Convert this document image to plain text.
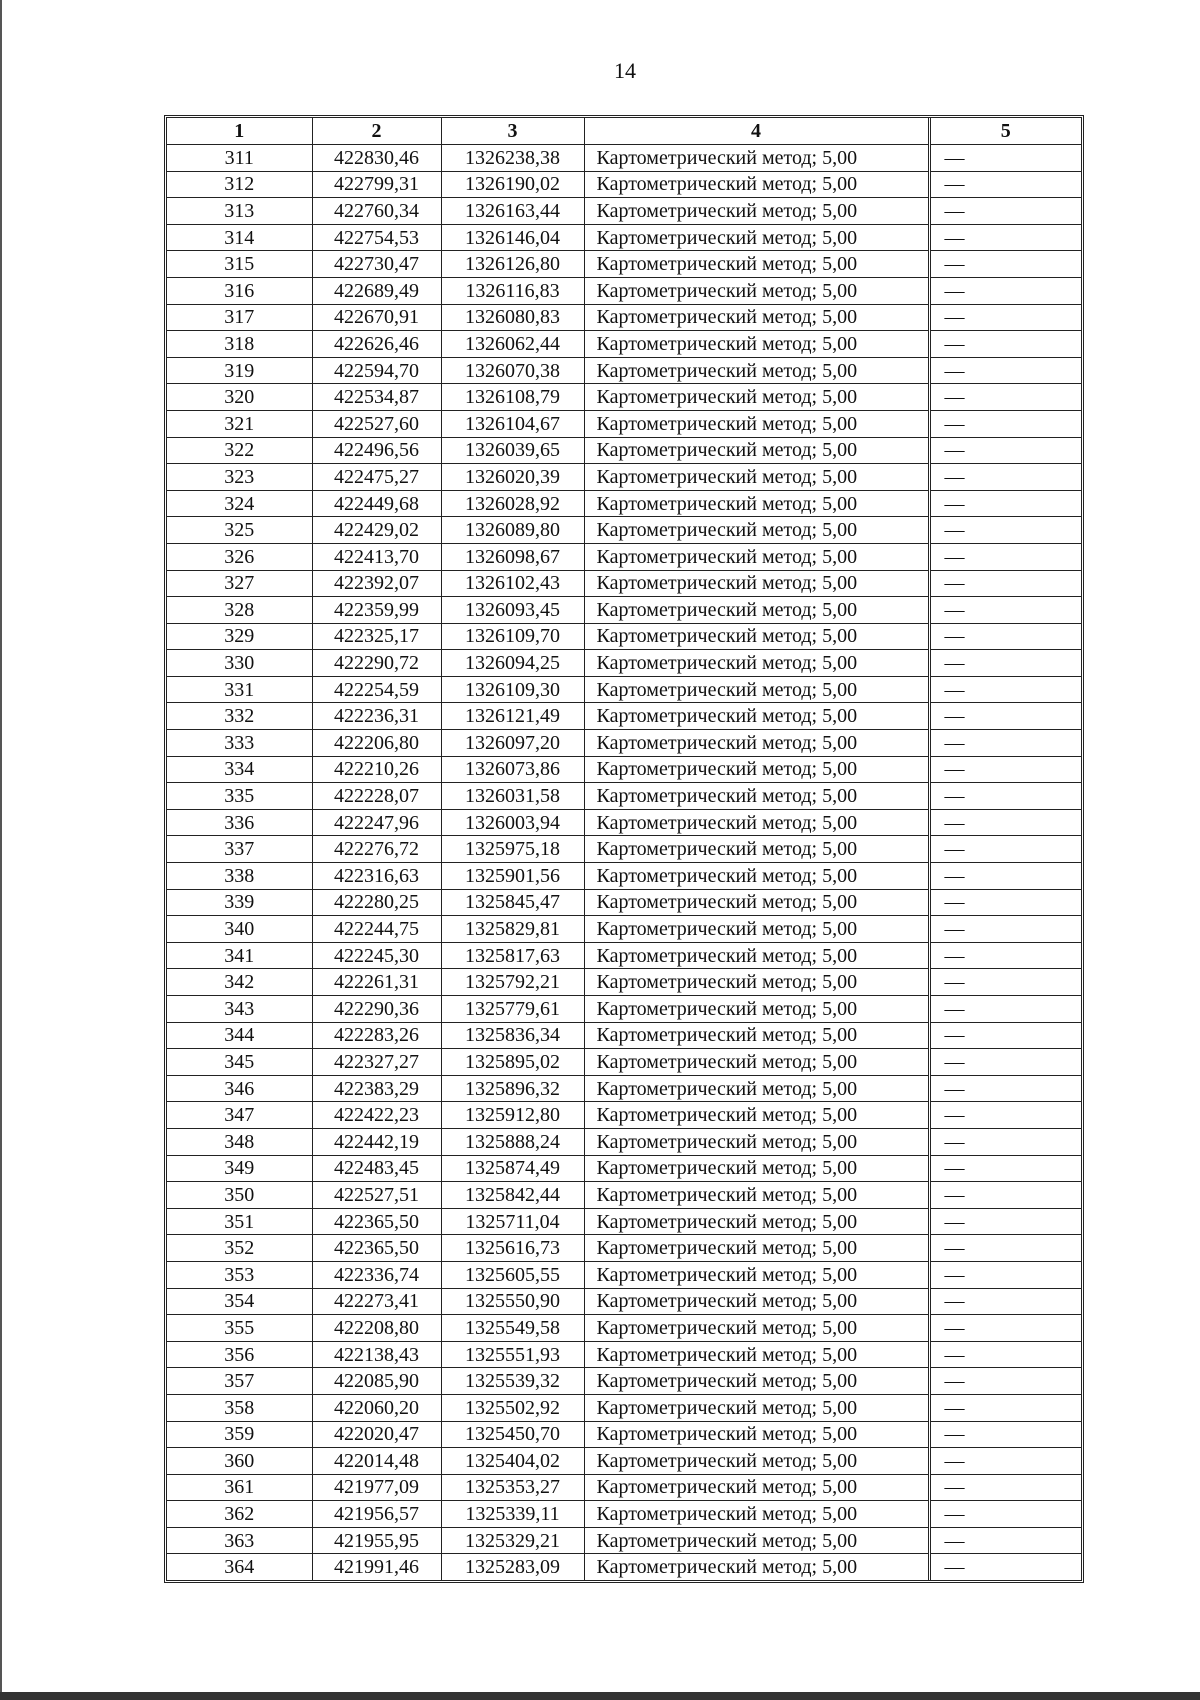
14
1	2	3	4	5
311	422830,46	1326238,38	Картометрический метод; 5,00	—
312	422799,31	1326190,02	Картометрический метод; 5,00	—
313	422760,34	1326163,44	Картометрический метод; 5,00	—
314	422754,53	1326146,04	Картометрический метод; 5,00	—
315	422730,47	1326126,80	Картометрический метод; 5,00	—
316	422689,49	1326116,83	Картометрический метод; 5,00	—
317	422670,91	1326080,83	Картометрический метод; 5,00	—
318	422626,46	1326062,44	Картометрический метод; 5,00	—
319	422594,70	1326070,38	Картометрический метод; 5,00	—
320	422534,87	1326108,79	Картометрический метод; 5,00	—
321	422527,60	1326104,67	Картометрический метод; 5,00	—
322	422496,56	1326039,65	Картометрический метод; 5,00	—
323	422475,27	1326020,39	Картометрический метод; 5,00	—
324	422449,68	1326028,92	Картометрический метод; 5,00	—
325	422429,02	1326089,80	Картометрический метод; 5,00	—
326	422413,70	1326098,67	Картометрический метод; 5,00	—
327	422392,07	1326102,43	Картометрический метод; 5,00	—
328	422359,99	1326093,45	Картометрический метод; 5,00	—
329	422325,17	1326109,70	Картометрический метод; 5,00	—
330	422290,72	1326094,25	Картометрический метод; 5,00	—
331	422254,59	1326109,30	Картометрический метод; 5,00	—
332	422236,31	1326121,49	Картометрический метод; 5,00	—
333	422206,80	1326097,20	Картометрический метод; 5,00	—
334	422210,26	1326073,86	Картометрический метод; 5,00	—
335	422228,07	1326031,58	Картометрический метод; 5,00	—
336	422247,96	1326003,94	Картометрический метод; 5,00	—
337	422276,72	1325975,18	Картометрический метод; 5,00	—
338	422316,63	1325901,56	Картометрический метод; 5,00	—
339	422280,25	1325845,47	Картометрический метод; 5,00	—
340	422244,75	1325829,81	Картометрический метод; 5,00	—
341	422245,30	1325817,63	Картометрический метод; 5,00	—
342	422261,31	1325792,21	Картометрический метод; 5,00	—
343	422290,36	1325779,61	Картометрический метод; 5,00	—
344	422283,26	1325836,34	Картометрический метод; 5,00	—
345	422327,27	1325895,02	Картометрический метод; 5,00	—
346	422383,29	1325896,32	Картометрический метод; 5,00	—
347	422422,23	1325912,80	Картометрический метод; 5,00	—
348	422442,19	1325888,24	Картометрический метод; 5,00	—
349	422483,45	1325874,49	Картометрический метод; 5,00	—
350	422527,51	1325842,44	Картометрический метод; 5,00	—
351	422365,50	1325711,04	Картометрический метод; 5,00	—
352	422365,50	1325616,73	Картометрический метод; 5,00	—
353	422336,74	1325605,55	Картометрический метод; 5,00	—
354	422273,41	1325550,90	Картометрический метод; 5,00	—
355	422208,80	1325549,58	Картометрический метод; 5,00	—
356	422138,43	1325551,93	Картометрический метод; 5,00	—
357	422085,90	1325539,32	Картометрический метод; 5,00	—
358	422060,20	1325502,92	Картометрический метод; 5,00	—
359	422020,47	1325450,70	Картометрический метод; 5,00	—
360	422014,48	1325404,02	Картометрический метод; 5,00	—
361	421977,09	1325353,27	Картометрический метод; 5,00	—
362	421956,57	1325339,11	Картометрический метод; 5,00	—
363	421955,95	1325329,21	Картометрический метод; 5,00	—
364	421991,46	1325283,09	Картометрический метод; 5,00	—
